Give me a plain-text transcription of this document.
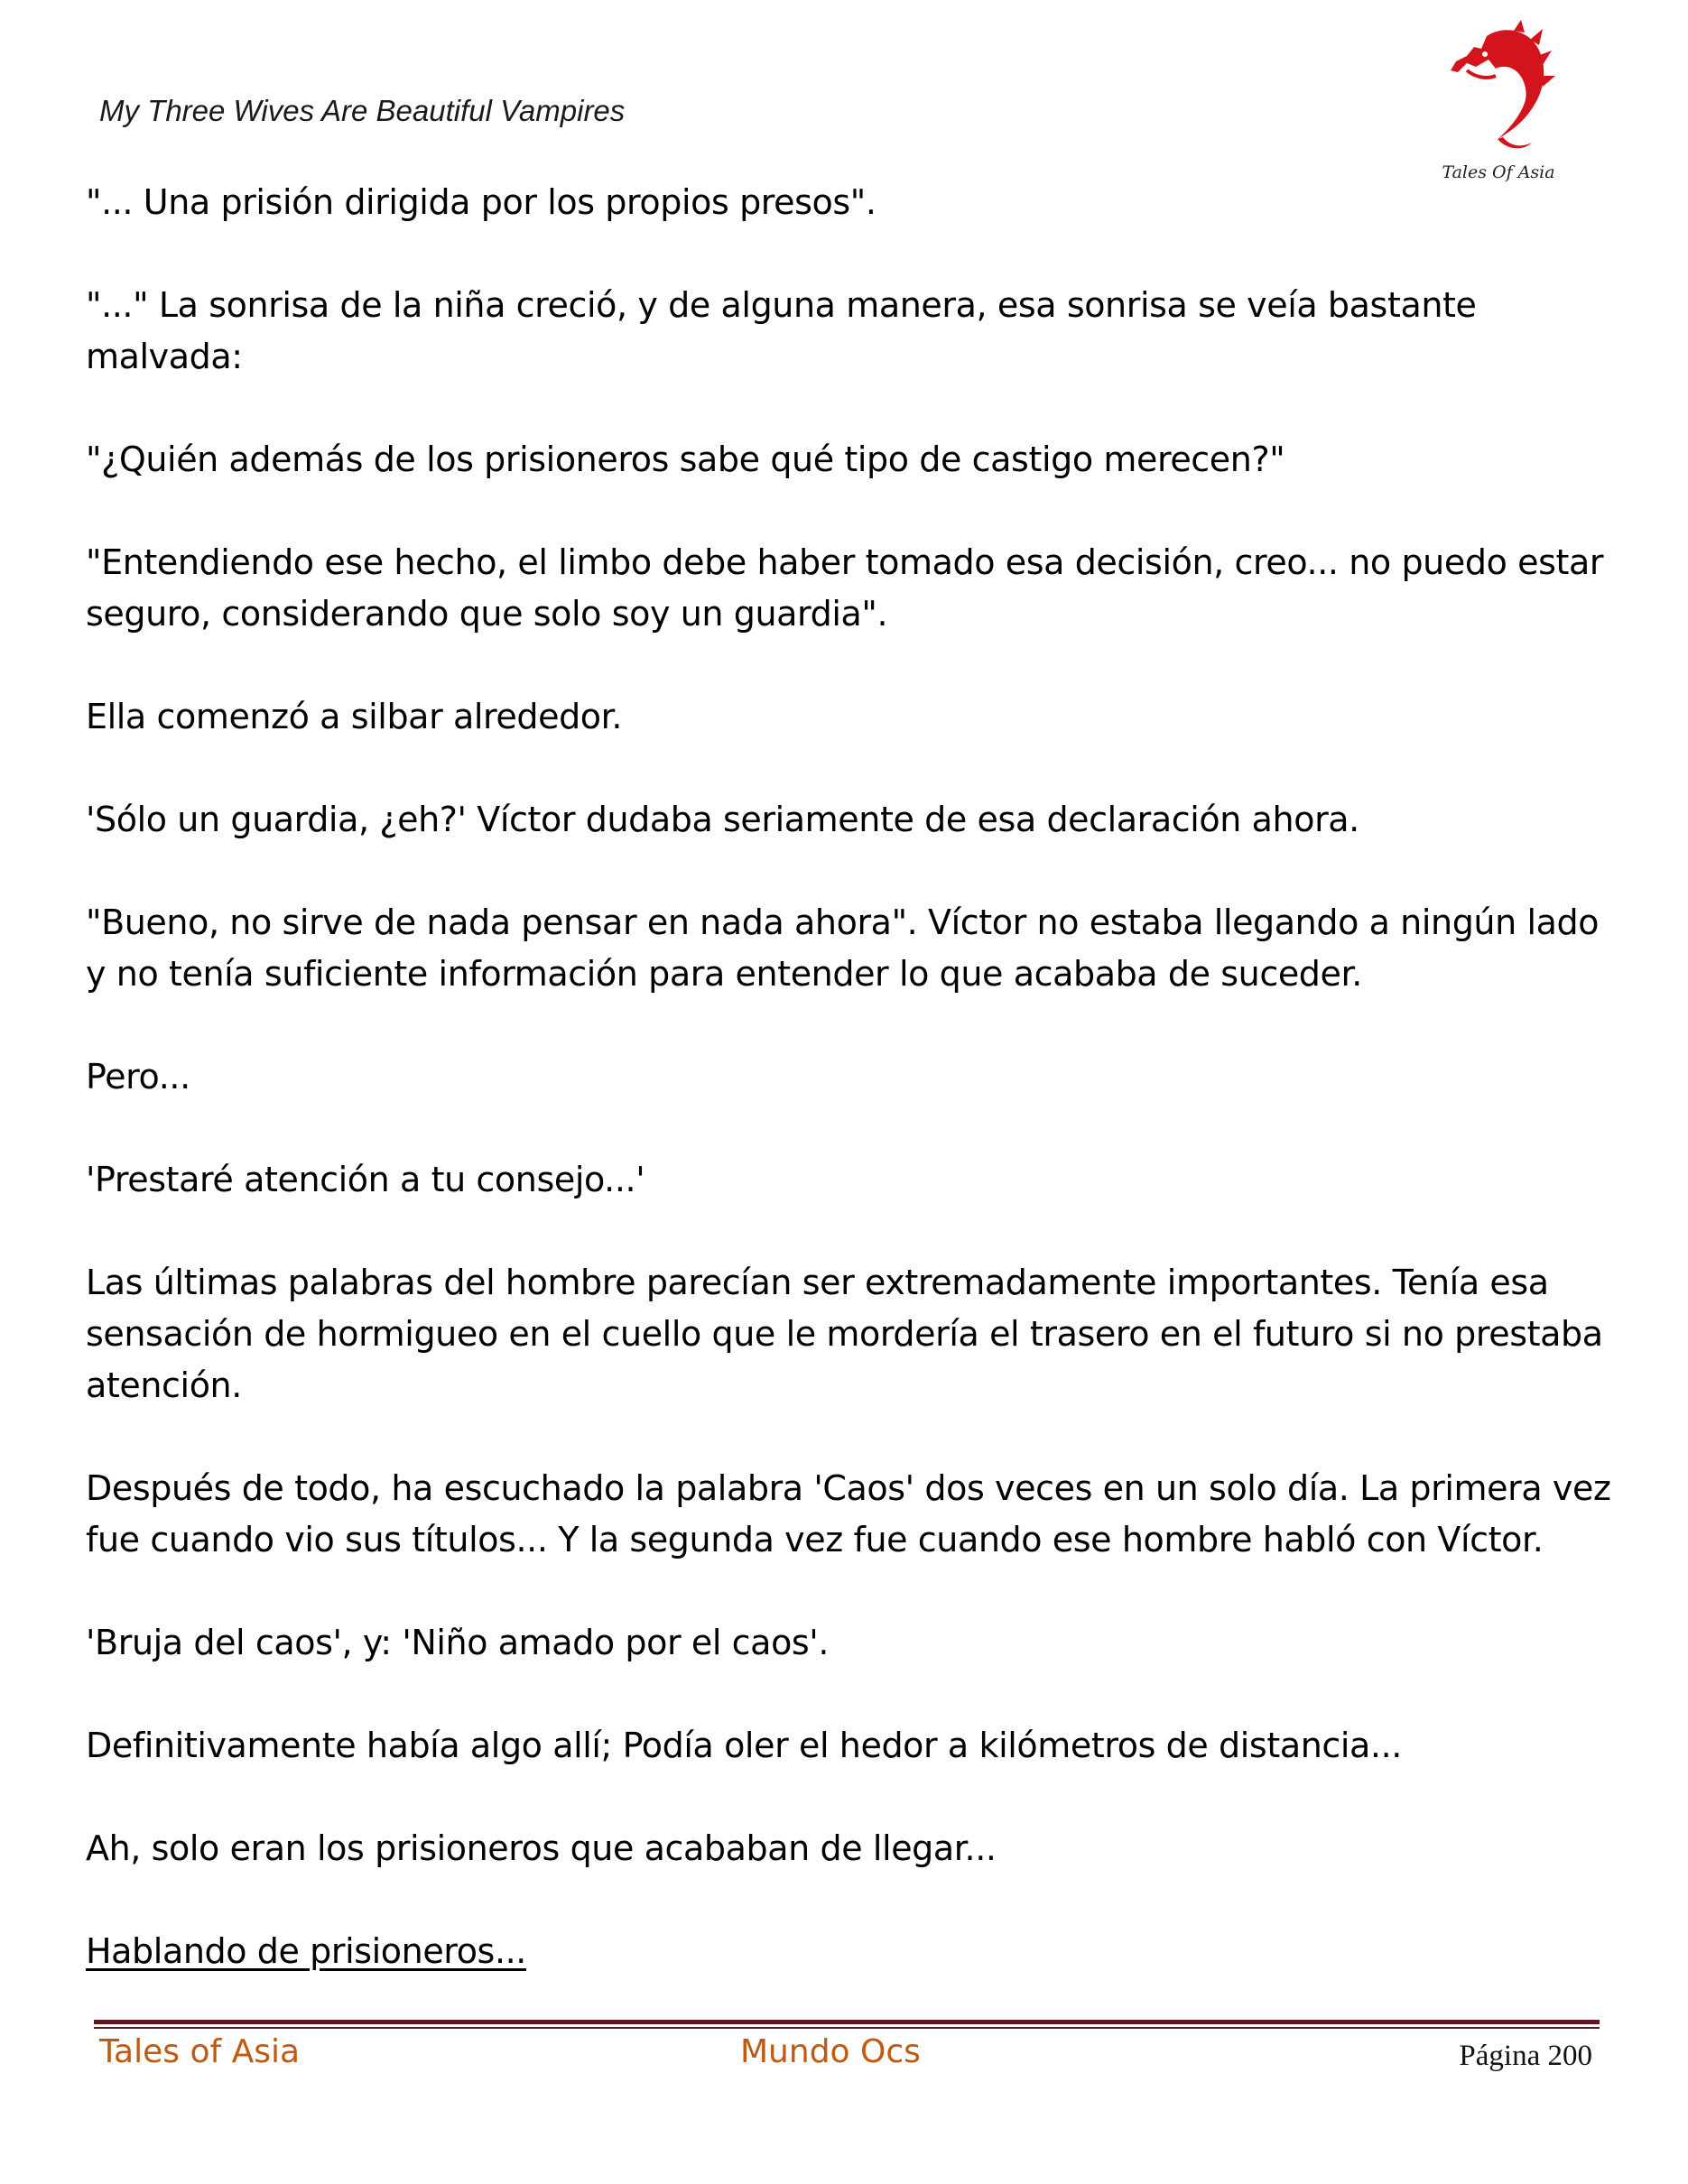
My Three Wives Are Beautiful Vampires
Tales Of Asia

"... Una prisión dirigida por los propios presos".

"..." La sonrisa de la niña creció, y de alguna manera, esa sonrisa se veía bastante malvada:

"¿Quién además de los prisioneros sabe qué tipo de castigo merecen?"

"Entendiendo ese hecho, el limbo debe haber tomado esa decisión, creo... no puedo estar seguro, considerando que solo soy un guardia".

Ella comenzó a silbar alrededor.

'Sólo un guardia, ¿eh?' Víctor dudaba seriamente de esa declaración ahora.

"Bueno, no sirve de nada pensar en nada ahora". Víctor no estaba llegando a ningún lado y no tenía suficiente información para entender lo que acababa de suceder.

Pero...

'Prestaré atención a tu consejo...'

Las últimas palabras del hombre parecían ser extremadamente importantes. Tenía esa sensación de hormigueo en el cuello que le mordería el trasero en el futuro si no prestaba atención.

Después de todo, ha escuchado la palabra 'Caos' dos veces en un solo día. La primera vez fue cuando vio sus títulos... Y la segunda vez fue cuando ese hombre habló con Víctor.

'Bruja del caos', y: 'Niño amado por el caos'.

Definitivamente había algo allí; Podía oler el hedor a kilómetros de distancia...

Ah, solo eran los prisioneros que acababan de llegar...

Hablando de prisioneros...

Tales of Asia	Mundo Ocs	Página 200
